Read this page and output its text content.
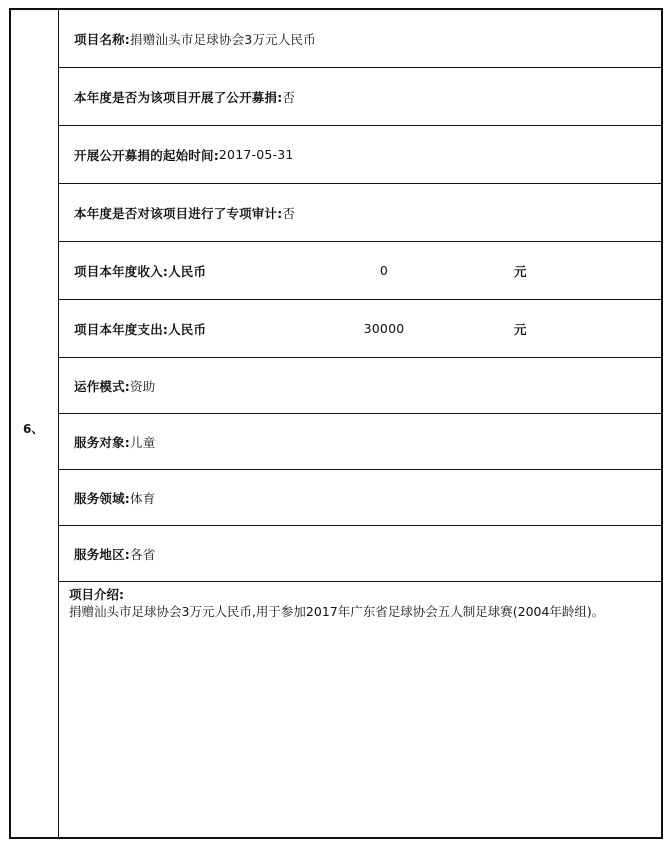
6、
项目名称: 捐赠汕头市足球协会3万元人民币
本年度是否为该项目开展了公开募捐: 否
开展公开募捐的起始时间: 2017-05-31
本年度是否对该项目进行了专项审计: 否
项目本年度收入:人民币	0	元
项目本年度支出:人民币	30000	元
运作模式: 资助
服务对象: 儿童
服务领域: 体育
服务地区: 各省
项目介绍:
捐赠汕头市足球协会3万元人民币,用于参加2017年广东省足球协会五人制足球赛(2004年龄组)。
